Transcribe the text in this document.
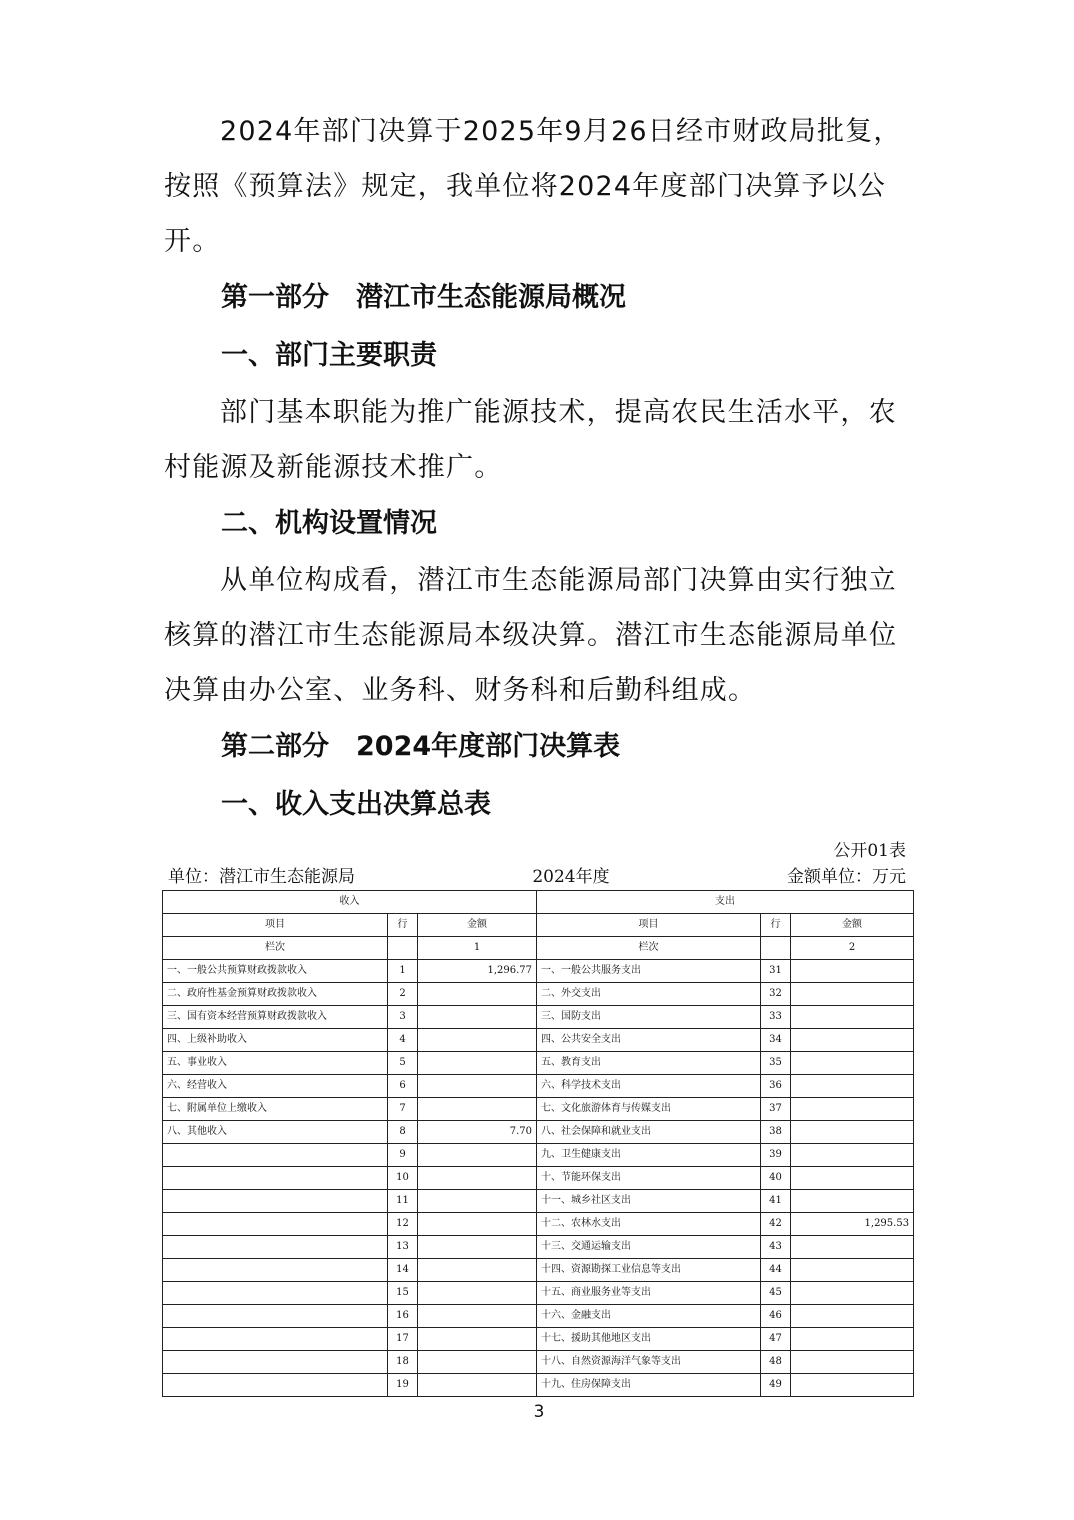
2024年部门决算于2025年9月26日经市财政局批复，
按照《预算法》规定，我单位将2024年度部门决算予以公
开。
第一部分　潜江市生态能源局概况
一、部门主要职责
部门基本职能为推广能源技术，提高农民生活水平，农
村能源及新能源技术推广。
二、机构设置情况
从单位构成看，潜江市生态能源局部门决算由实行独立
核算的潜江市生态能源局本级决算。潜江市生态能源局单位
决算由办公室、业务科、财务科和后勤科组成。
第二部分　2024年度部门决算表
一、收入支出决算总表
公开01表
单位：潜江市生态能源局	2024年度	金额单位：万元
收入			支出		
项目	行	金额	项目	行	金额
栏次		1	栏次		2
一、一般公共预算财政拨款收入	1	1,296.77	一、一般公共服务支出	31	
二、政府性基金预算财政拨款收入	2		二、外交支出	32	
三、国有资本经营预算财政拨款收入	3		三、国防支出	33	
四、上级补助收入	4		四、公共安全支出	34	
五、事业收入	5		五、教育支出	35	
六、经营收入	6		六、科学技术支出	36	
七、附属单位上缴收入	7		七、文化旅游体育与传媒支出	37	
八、其他收入	8	7.70	八、社会保障和就业支出	38	
	9		九、卫生健康支出	39	
	10		十、节能环保支出	40	
	11		十一、城乡社区支出	41	
	12		十二、农林水支出	42	1,295.53
	13		十三、交通运输支出	43	
	14		十四、资源勘探工业信息等支出	44	
	15		十五、商业服务业等支出	45	
	16		十六、金融支出	46	
	17		十七、援助其他地区支出	47	
	18		十八、自然资源海洋气象等支出	48	
	19		十九、住房保障支出	49	
3
